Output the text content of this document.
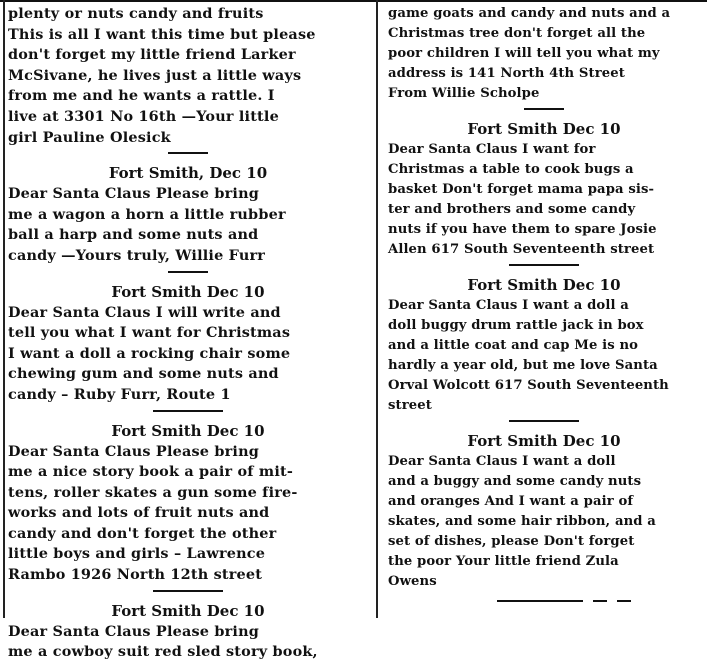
plenty or nuts candy and fruits
This is all I want this time but please
don't forget my little friend Larker
McSivane, he lives just a little ways
from me and he wants a rattle. I
live at 3301 No 16th —Your little
girl Pauline Olesick
Fort Smith, Dec 10
Dear Santa Claus Please bring
me a wagon a horn a little rubber
ball a harp and some nuts and
candy —Yours truly, Willie Furr
Fort Smith Dec 10
Dear Santa Claus I will write and
tell you what I want for Christmas
I want a doll a rocking chair some
chewing gum and some nuts and
candy – Ruby Furr, Route 1
Fort Smith Dec 10
Dear Santa Claus Please bring
me a nice story book a pair of mit-
tens, roller skates a gun some fire-
works and lots of fruit nuts and
candy and don't forget the other
little boys and girls – Lawrence
Rambo 1926 North 12th street
Fort Smith Dec 10
Dear Santa Claus Please bring
me a cowboy suit red sled story book,
game goats and candy and nuts and a
Christmas tree don't forget all the
poor children I will tell you what my
address is 141 North 4th Street
From Willie Scholpe
Fort Smith Dec 10
Dear Santa Claus I want for
Christmas a table to cook bugs a
basket Don't forget mama papa sis-
ter and brothers and some candy
nuts if you have them to spare Josie
Allen 617 South Seventeenth street
Fort Smith Dec 10
Dear Santa Claus I want a doll a
doll buggy drum rattle jack in box
and a little coat and cap Me is no
hardly a year old, but me love Santa
Orval Wolcott 617 South Seventeenth
street
Fort Smith Dec 10
Dear Santa Claus I want a doll
and a buggy and some candy nuts
and oranges And I want a pair of
skates, and some hair ribbon, and a
set of dishes, please Don't forget
the poor Your little friend Zula
Owens
